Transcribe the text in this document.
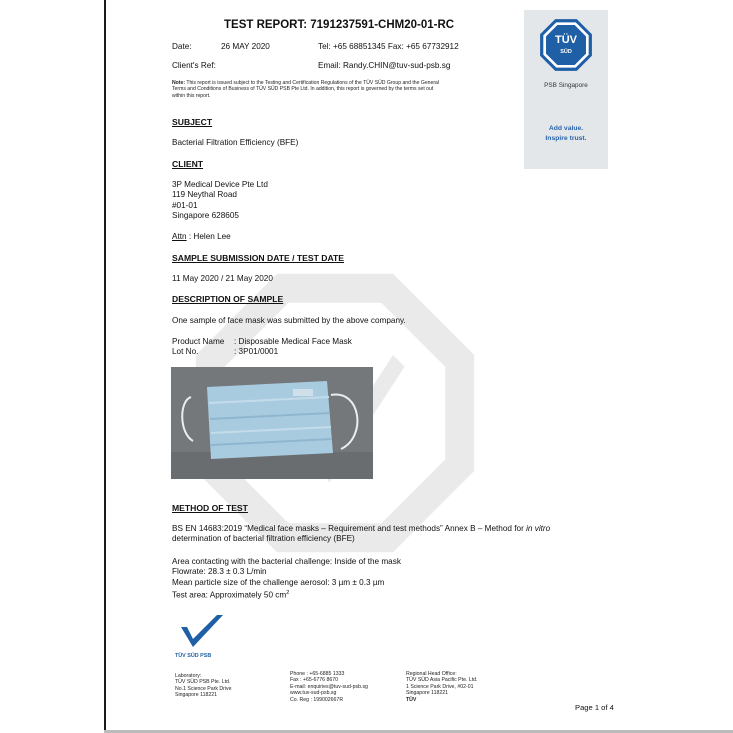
TEST REPORT: 7191237591-CHM20-01-RC
Date:	26 MAY 2020	Tel: +65 68851345 Fax: +65 67732912
Client's Ref:	Email: Randy.CHIN@tuv-sud-psb.sg
Note: This report is issued subject to the Testing and Certification Regulations of the TÜV SÜD Group and the General
Terms and Conditions of Business of TÜV SÜD PSB Pte Ltd. In addition, this report is governed by the terms set out
within this report.
TÜV
SÜD
PSB Singapore
Add value.
Inspire trust.
SUBJECT
Bacterial Filtration Efficiency (BFE)
CLIENT
3P Medical Device Pte Ltd
119 Neythal Road
#01-01
Singapore 628605
Attn : Helen Lee
SAMPLE SUBMISSION DATE / TEST DATE
11 May 2020 / 21 May 2020
DESCRIPTION OF SAMPLE
One sample of face mask was submitted by the above company.
Product Name : Disposable Medical Face Mask
Lot No.	: 3P01/0001
METHOD OF TEST
BS EN 14683:2019 “Medical face masks – Requirement and test methods” Annex B – Method for in vitro
determination of bacterial filtration efficiency (BFE)
Area contacting with the bacterial challenge: Inside of the mask
Flowrate: 28.3 ± 0.3 L/min
Mean particle size of the challenge aerosol: 3 µm ± 0.3 µm
Test area: Approximately 50 $cm^2$
TÜV SÜD PSB
Laboratory:
TÜV SÜD PSB Pte. Ltd.
No.1 Science Park Drive
Singapore 118221
Phone : +65-6885 1333
Fax : +65-6776 8670
E-mail: enquiries@tuv-sud-psb.sg
www.tuv-sud-psb.sg
Co. Reg : 199002667R
Regional Head Office:
TÜV SÜD Asia Pacific Pte. Ltd.
1 Science Park Drive, #02-01
Singapore 118221
TÜV
Page 1 of 4
